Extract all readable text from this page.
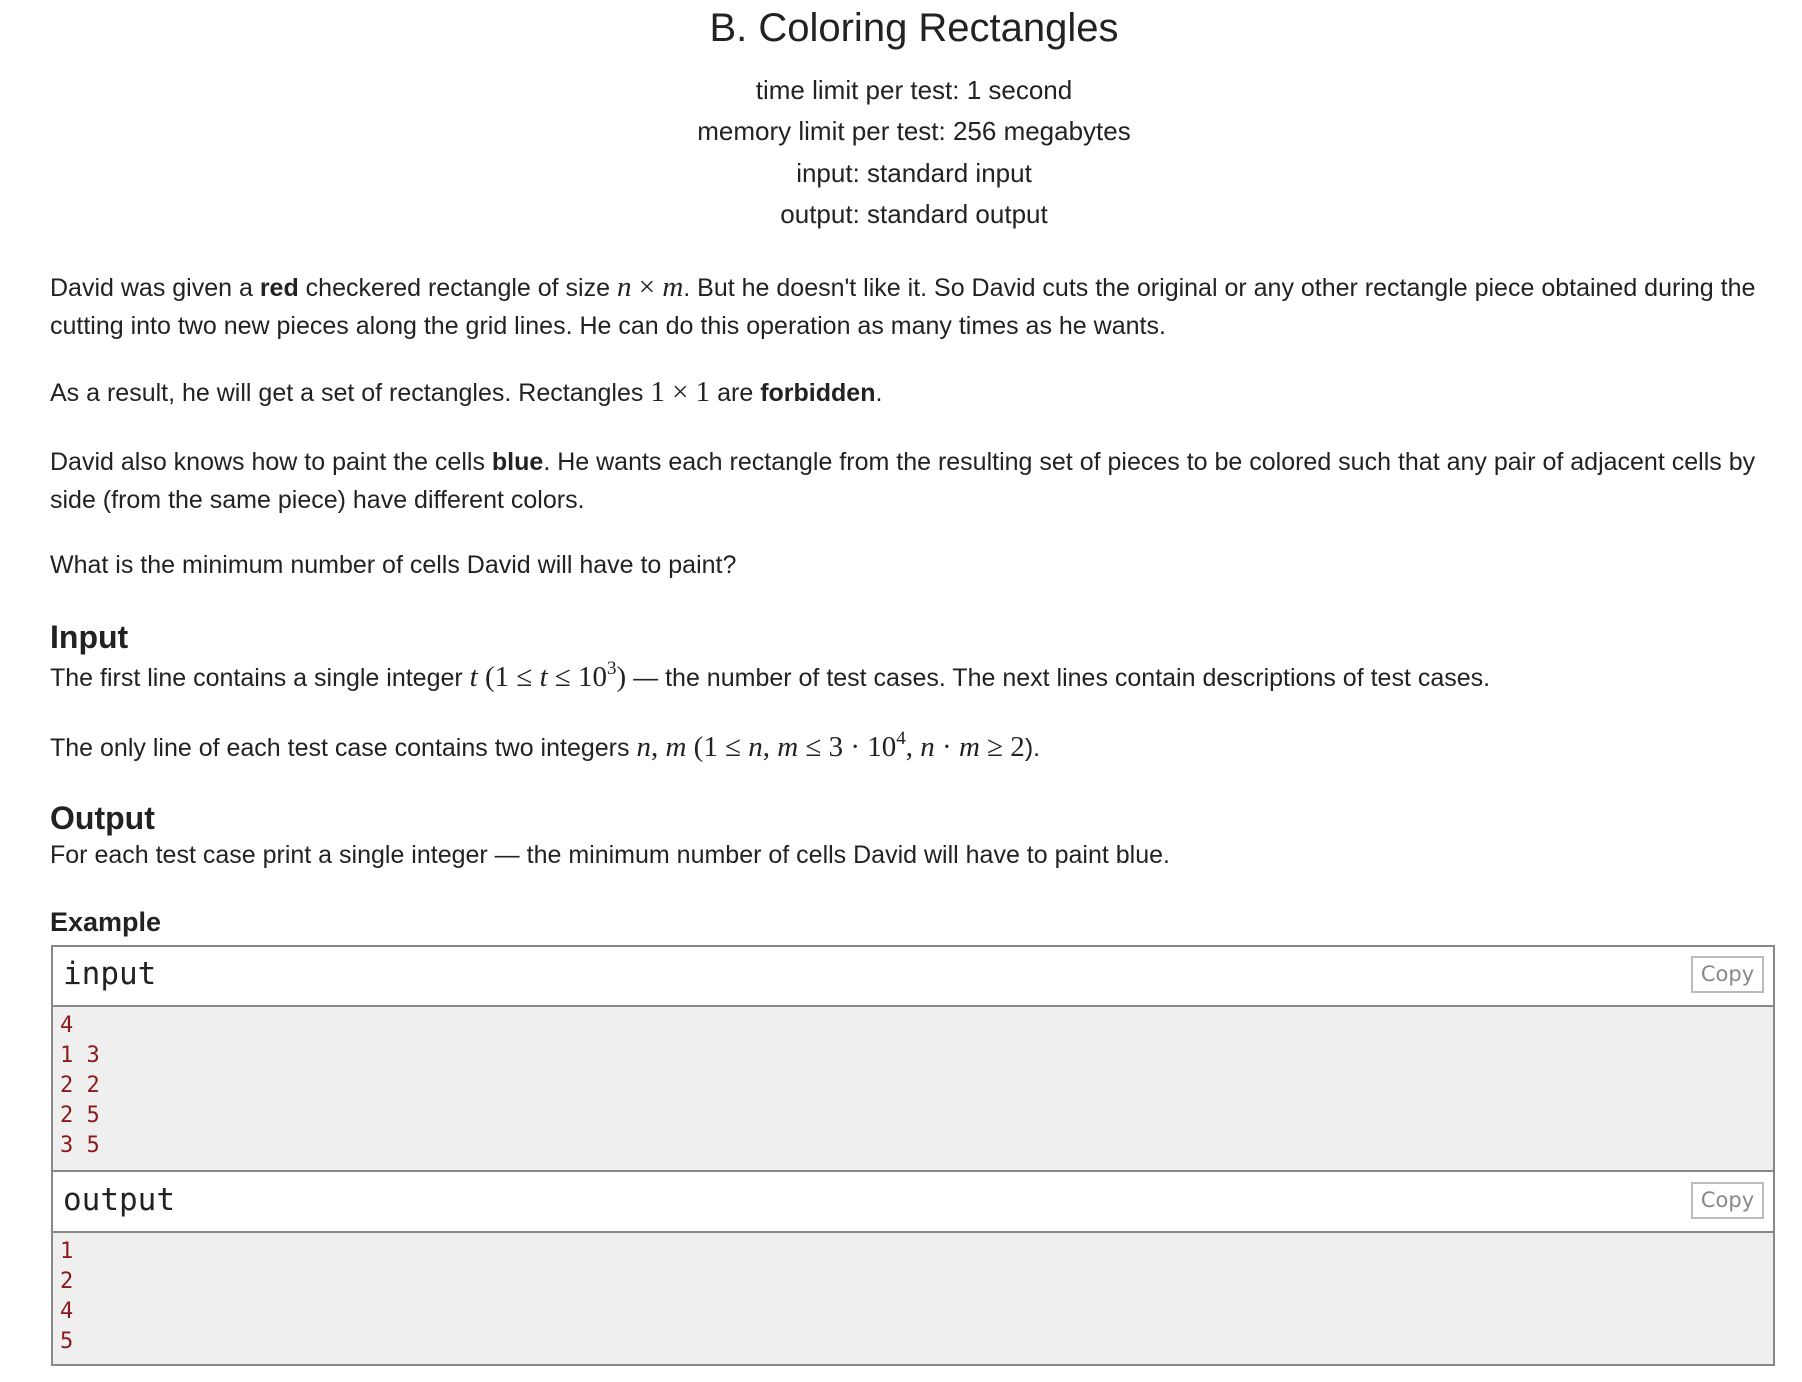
B. Coloring Rectangles
time limit per test: 1 second
memory limit per test: 256 megabytes
input: standard input
output: standard output
David was given a red checkered rectangle of size n × m. But he doesn't like it. So David cuts the original or any other rectangle piece obtained during the cutting into two new pieces along the grid lines. He can do this operation as many times as he wants.
As a result, he will get a set of rectangles. Rectangles 1 × 1 are forbidden.
David also knows how to paint the cells blue. He wants each rectangle from the resulting set of pieces to be colored such that any pair of adjacent cells by side (from the same piece) have different colors.
What is the minimum number of cells David will have to paint?
Input
The first line contains a single integer t $(1 \le t \le 10^3)$ — the number of test cases. The next lines contain descriptions of test cases.
The only line of each test case contains two integers n, m (1 ≤ n, $m \le 3 \cdot 10^4$, n · m ≥ 2).
Output
For each test case print a single integer — the minimum number of cells David will have to paint blue.
Example
input	Copy
4
1 3
2 2
2 5
3 5
output	Copy
1
2
4
5
